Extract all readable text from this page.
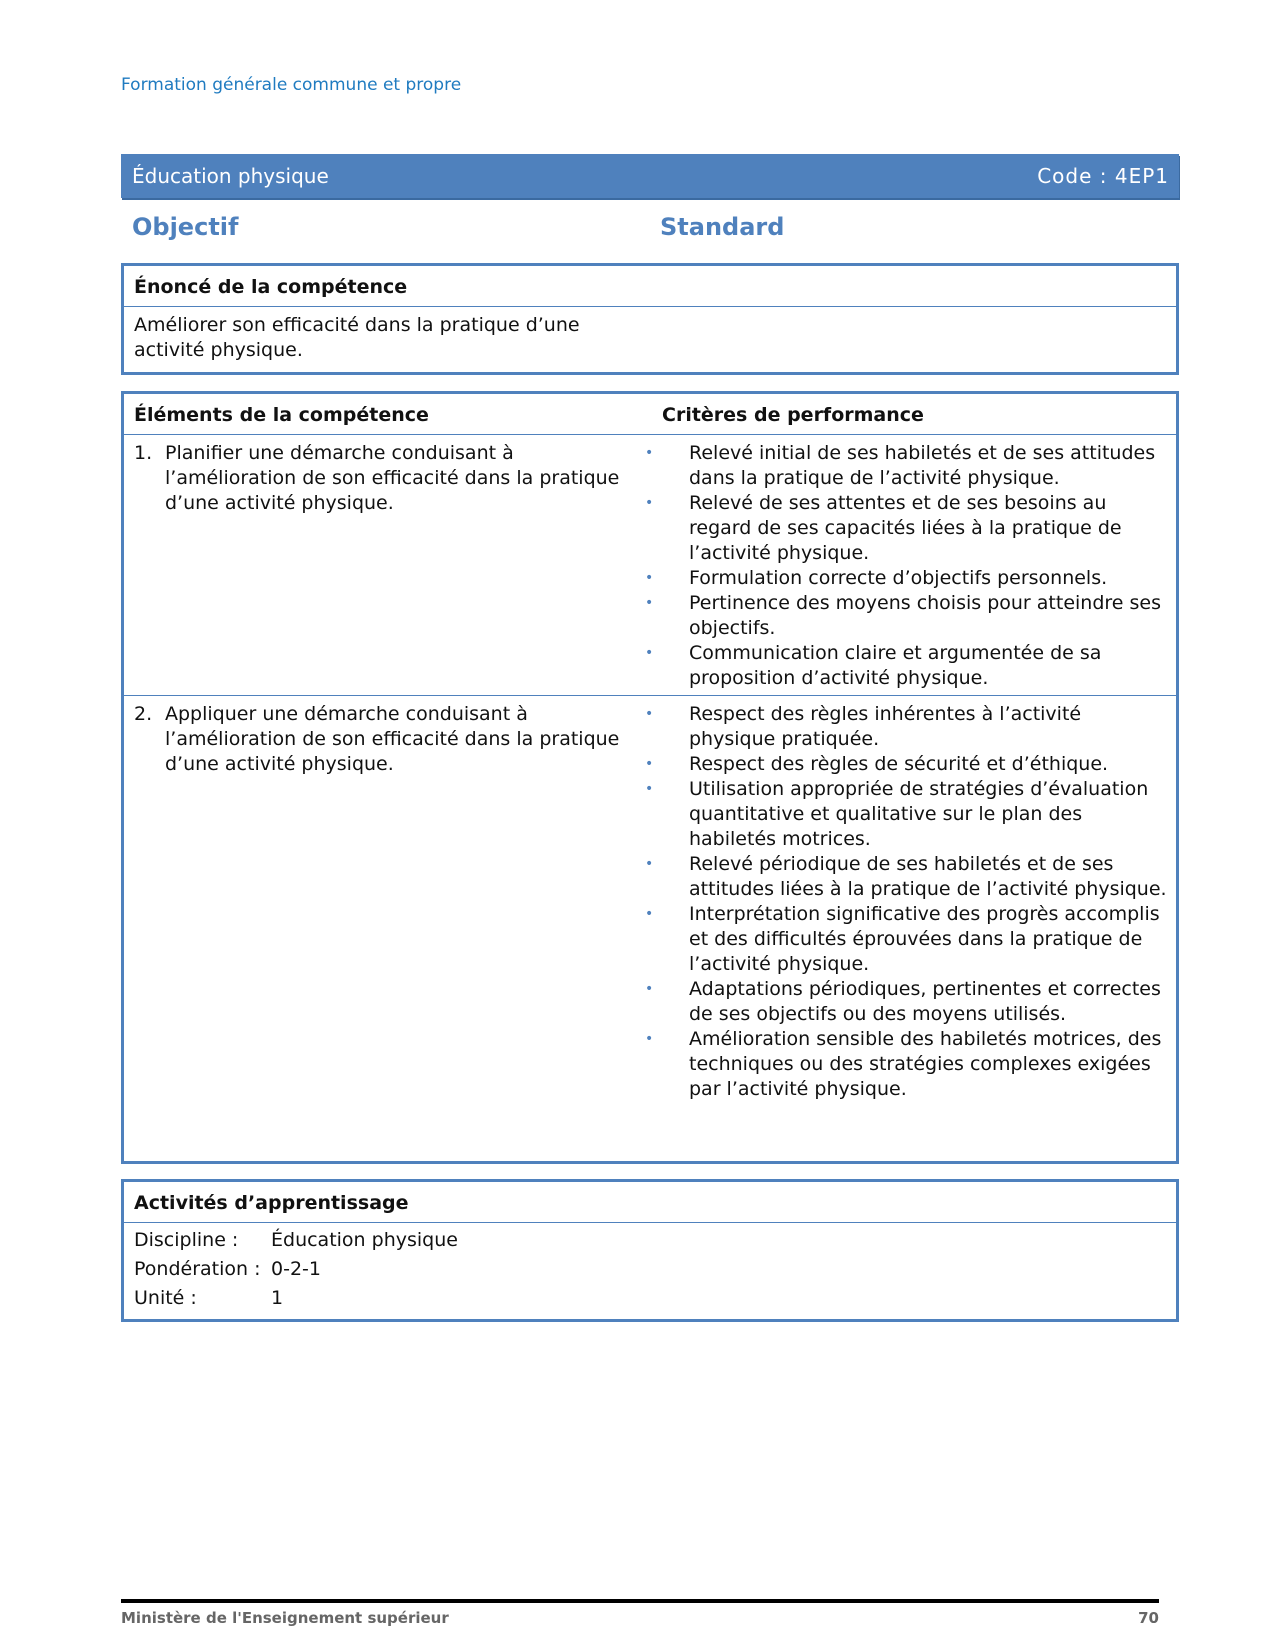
Formation générale commune et propre
Éducation physique	Code : 4EP1
Objectif	Standard
Énoncé de la compétence
Améliorer son efficacité dans la pratique d’une activité physique.
Éléments de la compétence	Critères de performance
1. Planifier une démarche conduisant à l’amélioration de son efficacité dans la pratique d’une activité physique.
•	Relevé initial de ses habiletés et de ses attitudes dans la pratique de l’activité physique.
•	Relevé de ses attentes et de ses besoins au regard de ses capacités liées à la pratique de l’activité physique.
•	Formulation correcte d’objectifs personnels.
•	Pertinence des moyens choisis pour atteindre ses objectifs.
•	Communication claire et argumentée de sa proposition d’activité physique.
2. Appliquer une démarche conduisant à l’amélioration de son efficacité dans la pratique d’une activité physique.
•	Respect des règles inhérentes à l’activité physique pratiquée.
•	Respect des règles de sécurité et d’éthique.
•	Utilisation appropriée de stratégies d’évaluation quantitative et qualitative sur le plan des habiletés motrices.
•	Relevé périodique de ses habiletés et de ses attitudes liées à la pratique de l’activité physique.
•	Interprétation significative des progrès accomplis et des difficultés éprouvées dans la pratique de l’activité physique.
•	Adaptations périodiques, pertinentes et correctes de ses objectifs ou des moyens utilisés.
•	Amélioration sensible des habiletés motrices, des techniques ou des stratégies complexes exigées par l’activité physique.
Activités d’apprentissage
Discipline :	Éducation physique
Pondération : 0-2-1
Unité :	1
Ministère de l'Enseignement supérieur	70
